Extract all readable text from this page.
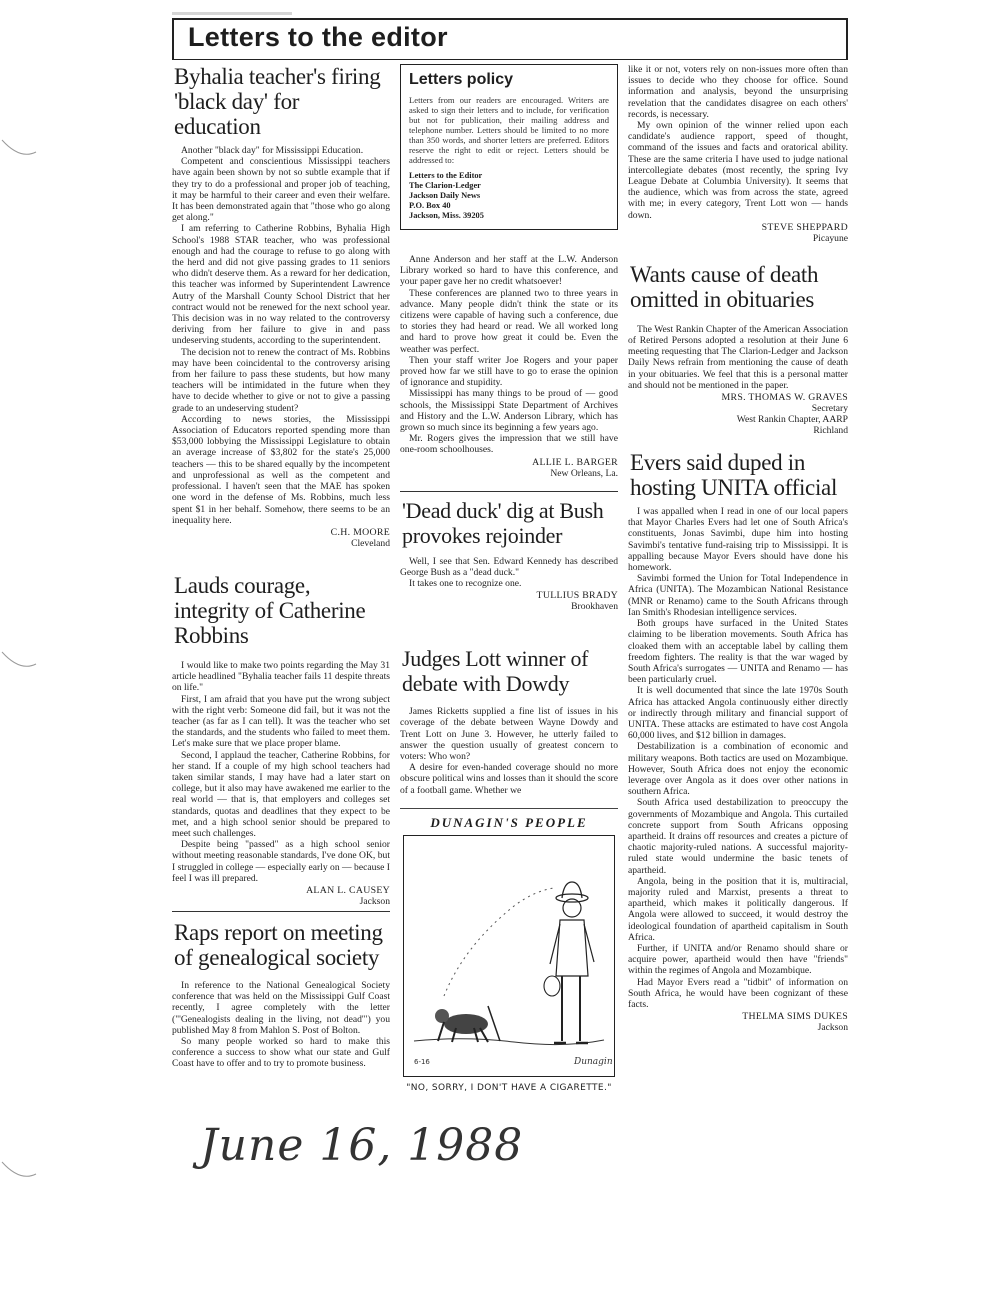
Letters to the editor
Byhalia teacher's firing 'black day' for education

Another "black day" for Mississippi Education.

Competent and conscientious Mississippi teachers have again been shown by not so subtle example that if they try to do a professional and proper job of teaching, it may be harmful to their career and even their welfare. It has been demonstrated again that "those who go along get along."

I am referring to Catherine Robbins, Byhalia High School's 1988 STAR teacher, who was professional enough and had the courage to refuse to go along with the herd and did not give passing grades to 11 seniors who didn't deserve them. As a reward for her dedication, this teacher was informed by Superintendent Lawrence Autry of the Marshall County School District that her contract would not be renewed for the next school year. This decision was in no way related to the controversy deriving from her failure to give in and pass undeserving students, according to the superintendent.

The decision not to renew the contract of Ms. Robbins may have been coincidental to the controversy arising from her failure to pass these students, but how many teachers will be intimidated in the future when they have to decide whether to give or not to give a passing grade to an undeserving student?

According to news stories, the Mississippi Association of Educators reported spending more than $53,000 lobbying the Mississippi Legislature to obtain an average increase of $3,802 for the state's 25,000 teachers — this to be shared equally by the incompetent and unprofessional as well as the competent and professional. I haven't seen that the MAE has spoken one word in the defense of Ms. Robbins, much less spent $1 in her behalf. Somehow, there seems to be an inequality here.

C.H. MOORE
Cleveland
Lauds courage, integrity of Catherine Robbins

I would like to make two points regarding the May 31 article headlined "Byhalia teacher fails 11 despite threats on life."

First, I am afraid that you have put the wrong subject with the right verb: Someone did fail, but it was not the teacher (as far as I can tell). It was the teacher who set the standards, and the students who failed to meet them. Let's make sure that we place proper blame.

Second, I applaud the teacher, Catherine Robbins, for her stand. If a couple of my high school teachers had taken similar stands, I may have had a later start on college, but it also may have awakened me earlier to the real world — that is, that employers and colleges set standards, quotas and deadlines that they expect to be met, and a high school senior should be prepared to meet such challenges.

Despite being "passed" as a high school senior without meeting reasonable standards, I've done OK, but I struggled in college — especially early on — because I feel I was ill prepared.

ALAN L. CAUSEY
Jackson
Raps report on meeting of genealogical society

In reference to the National Genealogical Society conference that was held on the Mississippi Gulf Coast recently, I agree completely with the letter ("'Genealogists dealing in the living, not dead'") you published May 8 from Mahlon S. Post of Bolton.

So many people worked so hard to make this conference a success to show what our state and Gulf Coast have to offer and to try to promote business.

Letters policy

Letters from our readers are encouraged. Writers are asked to sign their letters and to include, for verification but not for publication, their mailing address and telephone number. Letters should be limited to no more than 350 words, and shorter letters are preferred. Editors reserve the right to edit or reject. Letters should be addressed to:

Letters to the Editor
The Clarion-Ledger
Jackson Daily News
P.O. Box 40
Jackson, Miss. 39205

Anne Anderson and her staff at the L.W. Anderson Library worked so hard to have this conference, and your paper gave her no credit whatsoever!

These conferences are planned two to three years in advance. Many people didn't think the state or its citizens were capable of having such a conference, due to stories they had heard or read. We all worked long and hard to prove how great it could be. Even the weather was perfect.

Then your staff writer Joe Rogers and your paper proved how far we still have to go to erase the opinion of ignorance and stupidity.

Mississippi has many things to be proud of — good schools, the Mississippi State Department of Archives and History and the L.W. Anderson Library, which has grown so much since its beginning a few years ago.

Mr. Rogers gives the impression that we still have one-room schoolhouses.

ALLIE L. BARGER
New Orleans, La.
'Dead duck' dig at Bush provokes rejoinder

Well, I see that Sen. Edward Kennedy has described George Bush as a "dead duck."

It takes one to recognize one.

TULLIUS BRADY
Brookhaven
Judges Lott winner of debate with Dowdy

James Ricketts supplied a fine list of issues in his coverage of the debate between Wayne Dowdy and Trent Lott on June 3. However, he utterly failed to answer the question usually of greatest concern to voters: Who won?

A desire for even-handed coverage should no more obscure political wins and losses than it should the score of a football game. Whether we

DUNAGIN'S PEOPLE
Dunagin
6-16
"NO, SORRY, I DON'T HAVE A CIGARETTE."

like it or not, voters rely on non-issues more often than issues to decide who they choose for office. Sound information and analysis, beyond the unsurprising revelation that the candidates disagree on each others' records, is necessary.

My own opinion of the winner relied upon each candidate's audience rapport, speed of thought, command of the issues and facts and oratorical ability. These are the same criteria I have used to judge national intercollegiate debates (most recently, the spring Ivy League Debate at Columbia University). It seems that the audience, which was from across the state, agreed with me; in every category, Trent Lott won — hands down.

STEVE SHEPPARD
Picayune
Wants cause of death omitted in obituaries

The West Rankin Chapter of the American Association of Retired Persons adopted a resolution at their June 6 meeting requesting that The Clarion-Ledger and Jackson Daily News refrain from mentioning the cause of death in your obituaries. We feel that this is a personal matter and should not be mentioned in the paper.

MRS. THOMAS W. GRAVES
Secretary
West Rankin Chapter, AARP
Richland
Evers said duped in hosting UNITA official

I was appalled when I read in one of our local papers that Mayor Charles Evers had let one of South Africa's constituents, Jonas Savimbi, dupe him into hosting Savimbi's tentative fund-raising trip to Mississippi. It is appalling because Mayor Evers should have done his homework.

Savimbi formed the Union for Total Independence in Africa (UNITA). The Mozambican National Resistance (MNR or Renamo) came to the South Africans through Ian Smith's Rhodesian intelligence services.

Both groups have surfaced in the United States claiming to be liberation movements. South Africa has cloaked them with an acceptable label by calling them freedom fighters. The reality is that the war waged by South Africa's surrogates — UNITA and Renamo — has been particularly cruel.

It is well documented that since the late 1970s South Africa has attacked Angola continuously either directly or indirectly through military and financial support of UNITA. These attacks are estimated to have cost Angola 60,000 lives, and $12 billion in damages.

Destabilization is a combination of economic and military weapons. Both tactics are used on Mozambique. However, South Africa does not enjoy the economic leverage over Angola as it does over other nations in southern Africa.

South Africa used destabilization to preoccupy the governments of Mozambique and Angola. This curtailed concrete support from South Africans opposing apartheid. It drains off resources and creates a picture of chaotic majority-ruled nations. A successful majority-ruled state would undermine the basic tenets of apartheid.

Angola, being in the position that it is, multiracial, majority ruled and Marxist, presents a threat to apartheid, which makes it politically dangerous. If Angola were allowed to succeed, it would destroy the ideological foundation of apartheid capitalism in South Africa.

Further, if UNITA and/or Renamo should share or acquire power, apartheid would then have "friends" within the regimes of Angola and Mozambique.

Had Mayor Evers read a "tidbit" of information on South Africa, he would have been cognizant of these facts.

THELMA SIMS DUKES
Jackson
June 16, 1988
